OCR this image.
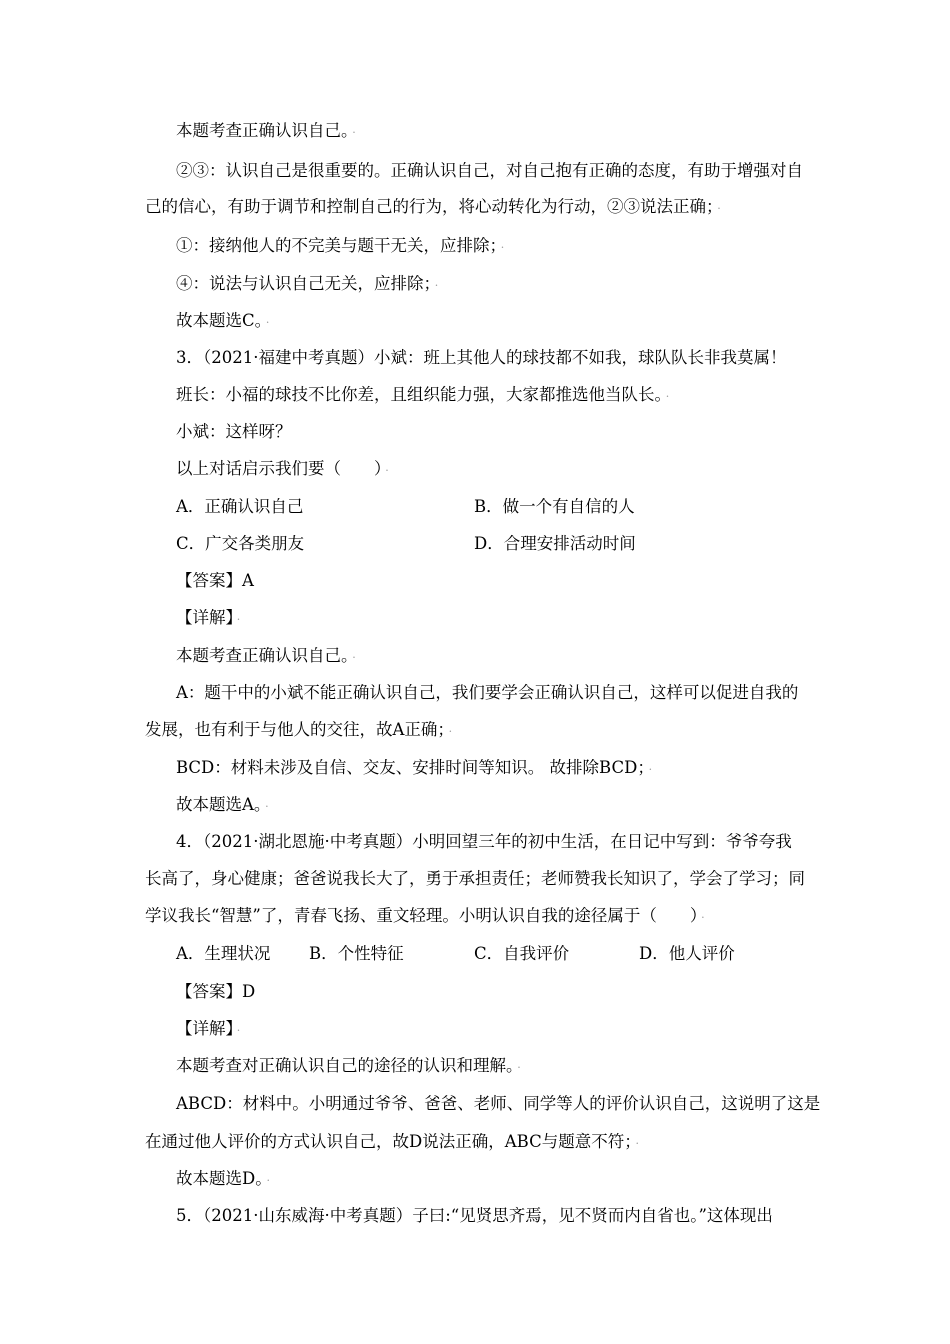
本题考查正确认识自己。 ·
②③：认识自己是很重要的。正确认识自己，对自己抱有正确的态度，有助于增强对自
己的信心，有助于调节和控制自己的行为，将心动转化为行动，②③说法正确； ·
①：接纳他人的不完美与题干无关，应排除； ·
④：说法与认识自己无关，应排除； ·
故本题选C。 ·
3．（2021·福建中考真题）小斌：班上其他人的球技都不如我，球队队长非我莫属！
班长：小福的球技不比你差，且组织能力强，大家都推选他当队长。 ·
小斌：这样呀？
以上对话启示我们要（　　） ·
A．正确认识自己	B．做一个有自信的人
C．广交各类朋友	D．合理安排活动时间
【答案】A
【详解】 ·
本题考查正确认识自己。 ·
A：题干中的小斌不能正确认识自己，我们要学会正确认识自己，这样可以促进自我的
发展，也有利于与他人的交往，故A正确； ·
BCD：材料未涉及自信、交友、安排时间等知识。 故排除BCD； ·
故本题选A。 ·
4．（2021·湖北恩施·中考真题）小明回望三年的初中生活，在日记中写到：爷爷夸我
长高了，身心健康；爸爸说我长大了，勇于承担责任；老师赞我长知识了，学会了学习；同
学议我长“智慧”了，青春飞扬、重文轻理。小明认识自我的途径属于（　　） ·
A．生理状况 B．个性特征	C．自我评价	D．他人评价
【答案】D
【详解】 ·
本题考查对正确认识自己的途径的认识和理解。 ·
ABCD：材料中。小明通过爷爷、爸爸、老师、同学等人的评价认识自己，这说明了这是
在通过他人评价的方式认识自己，故D说法正确，ABC与题意不符； ·
故本题选D。 ·
5．（2021·山东威海·中考真题）子曰:“见贤思齐焉，见不贤而内自省也。”这体现出
